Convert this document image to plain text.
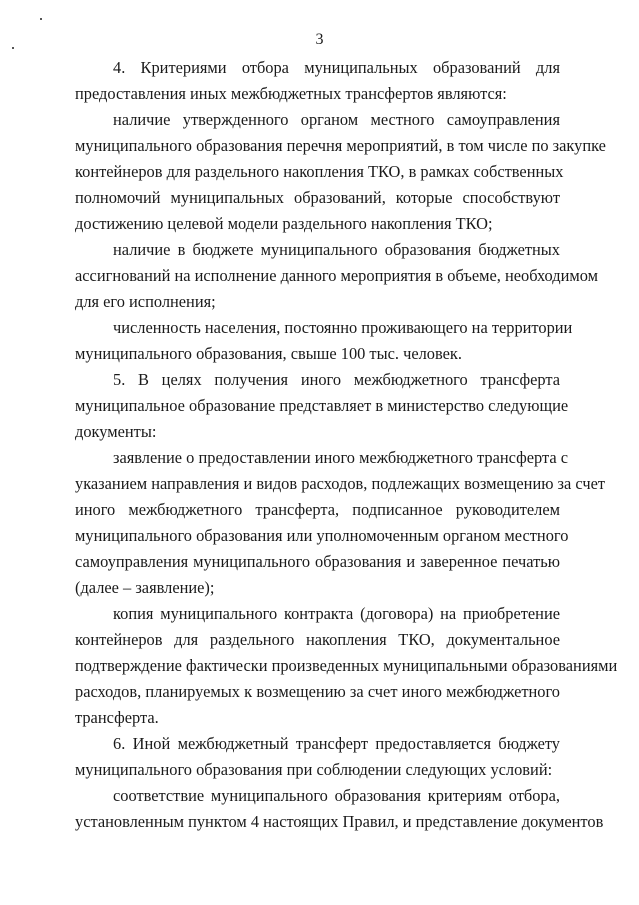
3
4. Критериями отбора муниципальных образований для
предоставления иных межбюджетных трансфертов являются:
наличие утвержденного органом местного самоуправления
муниципального образования перечня мероприятий, в том числе по закупке
контейнеров для раздельного накопления ТКО, в рамках собственных
полномочий муниципальных образований, которые способствуют
достижению целевой модели раздельного накопления ТКО;
наличие в бюджете муниципального образования бюджетных
ассигнований на исполнение данного мероприятия в объеме, необходимом
для его исполнения;
численность населения, постоянно проживающего на территории
муниципального образования, свыше 100 тыс. человек.
5. В целях получения иного межбюджетного трансферта
муниципальное образование представляет в министерство следующие
документы:
заявление о предоставлении иного межбюджетного трансферта с
указанием направления и видов расходов, подлежащих возмещению за счет
иного межбюджетного трансферта, подписанное руководителем
муниципального образования или уполномоченным органом местного
самоуправления муниципального образования и заверенное печатью
(далее – заявление);
копия муниципального контракта (договора) на приобретение
контейнеров для раздельного накопления ТКО, документальное
подтверждение фактически произведенных муниципальными образованиями
расходов, планируемых к возмещению за счет иного межбюджетного
трансферта.
6. Иной межбюджетный трансферт предоставляется бюджету
муниципального образования при соблюдении следующих условий:
соответствие муниципального образования критериям отбора,
установленным пунктом 4 настоящих Правил, и представление документов
